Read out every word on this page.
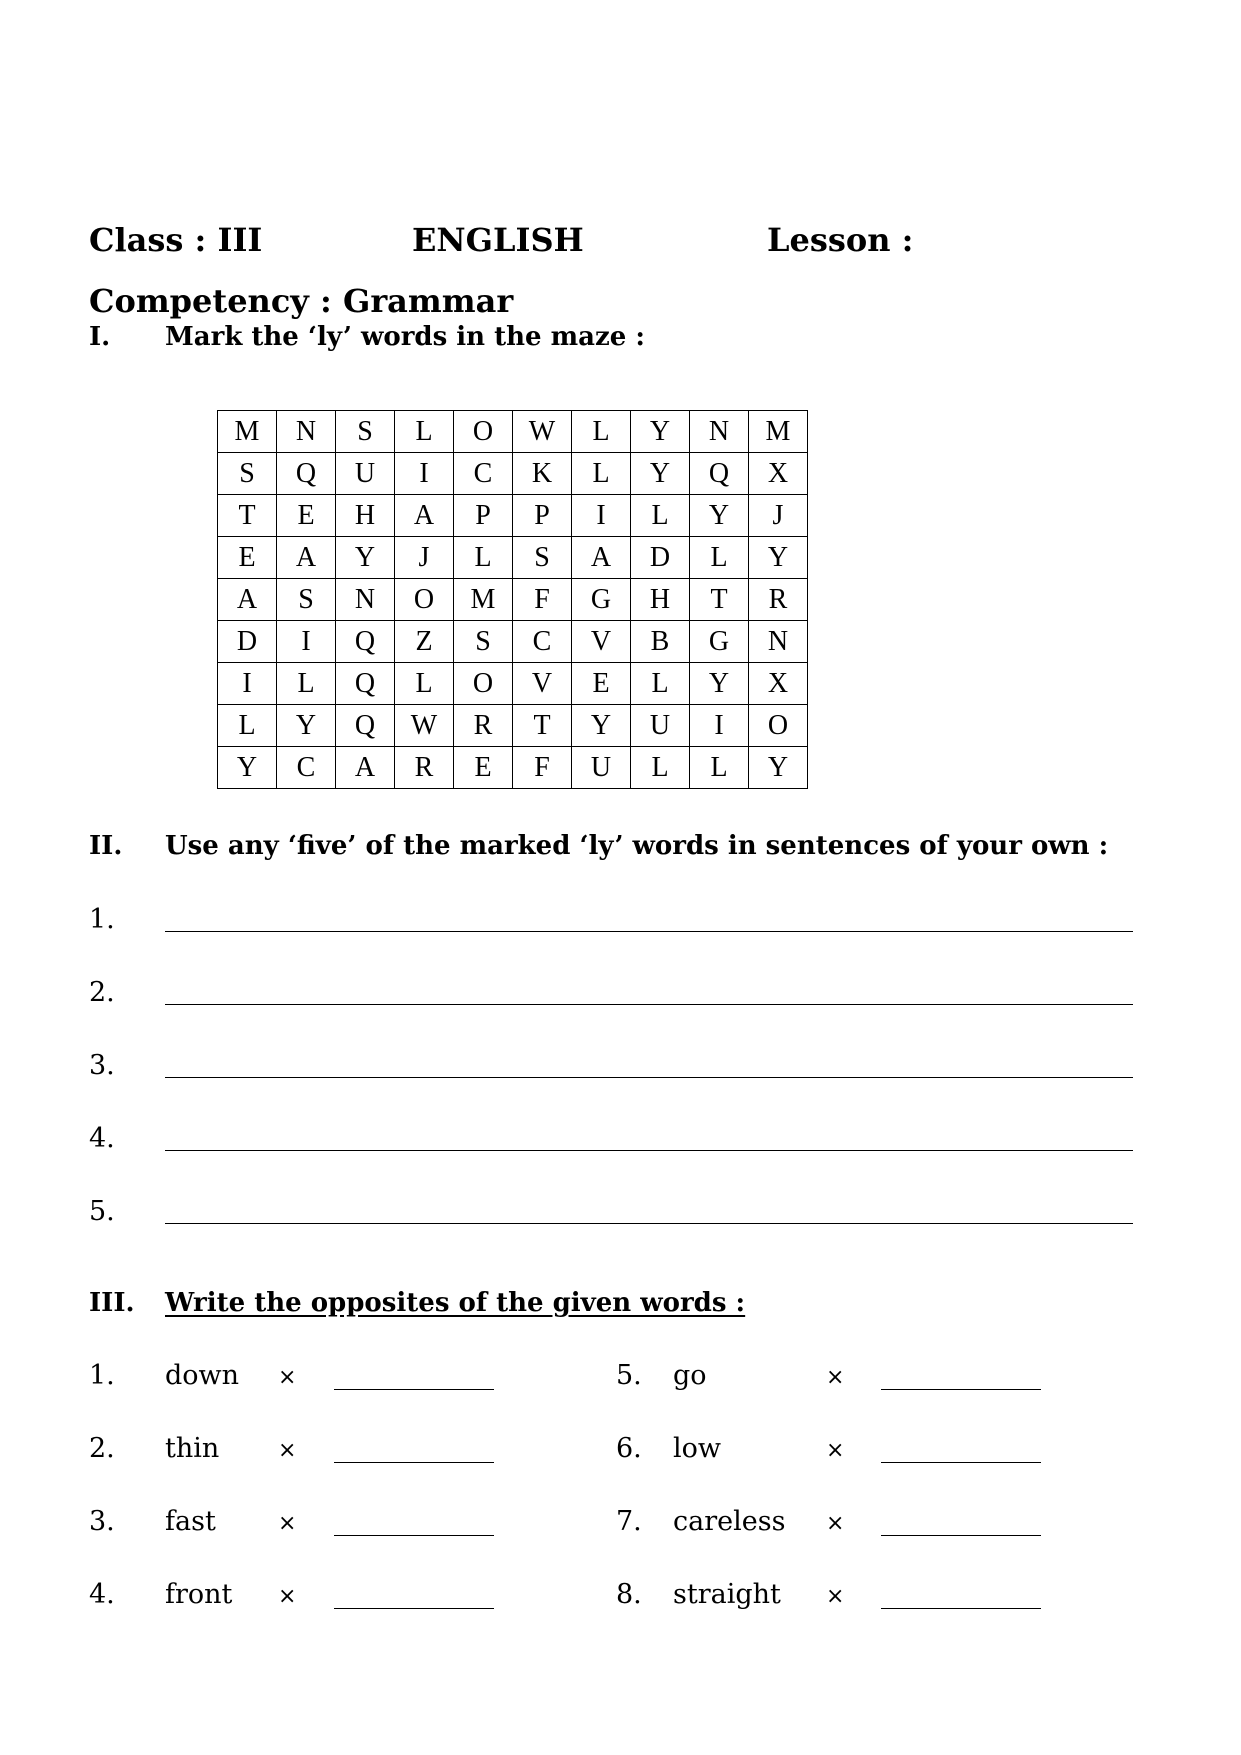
Class : III	ENGLISH	Lesson :
Competency : Grammar
I. Mark the ‘ly’ words in the maze :
M	N	S	L	O	W	L	Y	N	M
S	Q	U	I	C	K	L	Y	Q	X
T	E	H	A	P	P	I	L	Y	J
E	A	Y	J	L	S	A	D	L	Y
A	S	N	O	M	F	G	H	T	R
D	I	Q	Z	S	C	V	B	G	N
I	L	Q	L	O	V	E	L	Y	X
L	Y	Q	W	R	T	Y	U	I	O
Y	C	A	R	E	F	U	L	L	Y
II. Use any ‘five’ of the marked ‘ly’ words in sentences of your own :
1.
2.
3.
4.
5.
III. Write the opposites of the given words :
1. down ×
2. thin	×
3. fast	×
4. front ×
5. go	×
6. low	×
7. careless ×
8. straight ×
